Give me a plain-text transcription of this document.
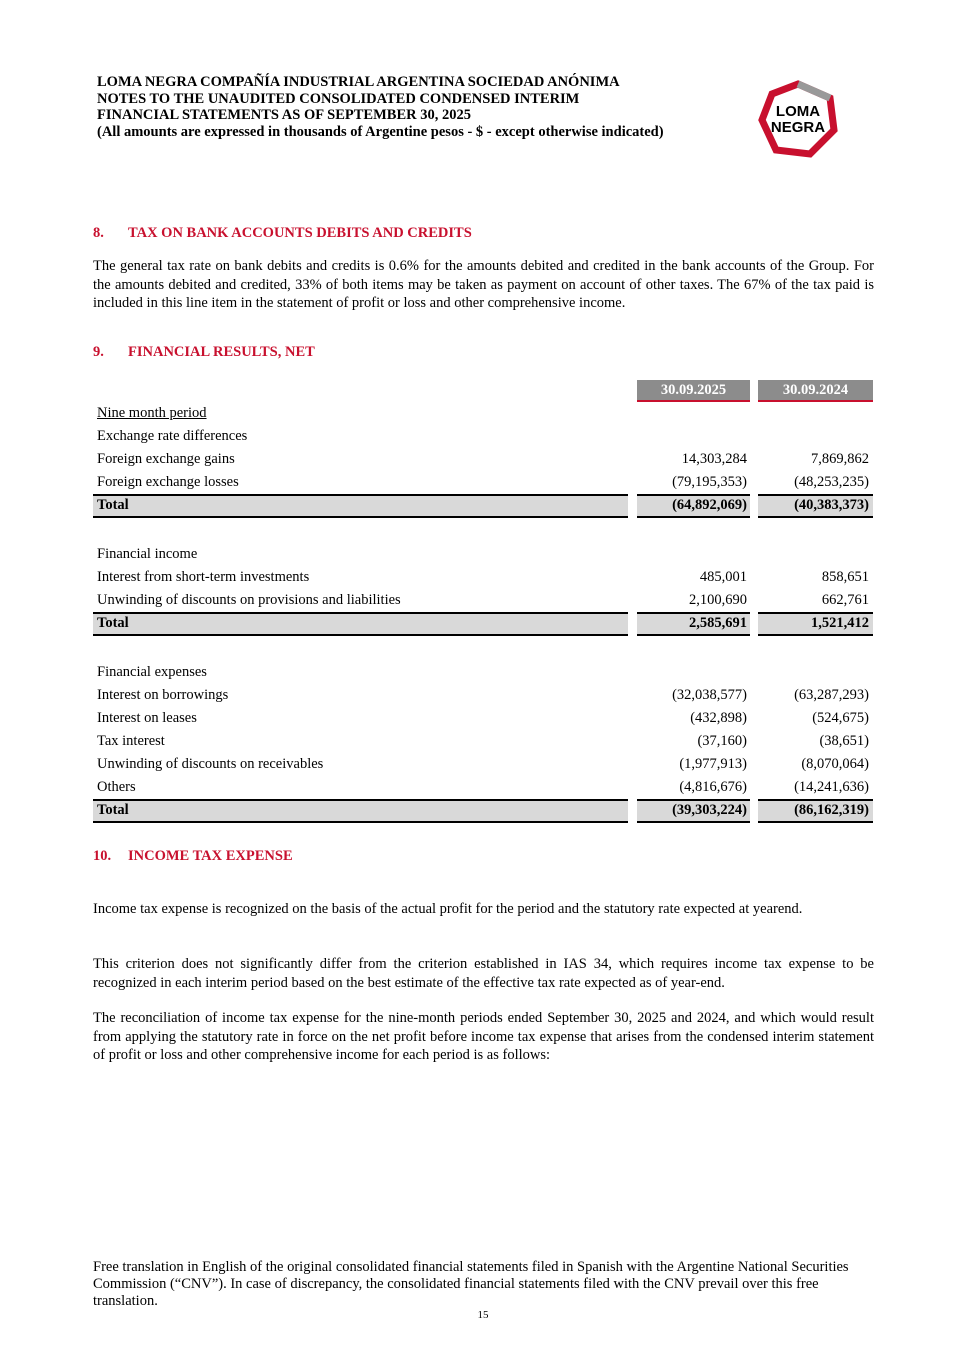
LOMA NEGRA COMPAÑÍA INDUSTRIAL ARGENTINA SOCIEDAD ANÓNIMA
NOTES TO THE UNAUDITED CONSOLIDATED CONDENSED INTERIM
FINANCIAL STATEMENTS AS OF SEPTEMBER 30, 2025
(All amounts are expressed in thousands of Argentine pesos - $ - except otherwise indicated)
LOMA
NEGRA
8. TAX ON BANK ACCOUNTS DEBITS AND CREDITS
The general tax rate on bank debits and credits is 0.6% for the amounts debited and credited in the bank accounts of the Group. For the amounts debited and credited, 33% of both items may be taken as payment on account of other taxes. The 67% of the tax paid is included in this line item in the statement of profit or loss and other comprehensive income.
9. FINANCIAL RESULTS, NET
30.09.2025	30.09.2024
Nine month period
Exchange rate differences
Foreign exchange gains	14,303,284	7,869,862
Foreign exchange losses	(79,195,353)	(48,253,235)
Total	(64,892,069)	(40,383,373)
Financial income
Interest from short-term investments	485,001	858,651
Unwinding of discounts on provisions and liabilities	2,100,690	662,761
Total	2,585,691	1,521,412
Financial expenses
Interest on borrowings	(32,038,577)	(63,287,293)
Interest on leases	(432,898)	(524,675)
Tax interest	(37,160)	(38,651)
Unwinding of discounts on receivables	(1,977,913)	(8,070,064)
Others	(4,816,676)	(14,241,636)
Total	(39,303,224)	(86,162,319)
10. INCOME TAX EXPENSE
Income tax expense is recognized on the basis of the actual profit for the period and the statutory rate expected at yearend.
This criterion does not significantly differ from the criterion established in IAS 34, which requires income tax expense to be recognized in each interim period based on the best estimate of the effective tax rate expected as of year-end.
The reconciliation of income tax expense for the nine-month periods ended September 30, 2025 and 2024, and which would result from applying the statutory rate in force on the net profit before income tax expense that arises from the condensed interim statement of profit or loss and other comprehensive income for each period is as follows:
Free translation in English of the original consolidated financial statements filed in Spanish with the Argentine National Securities Commission (“CNV”). In case of discrepancy, the consolidated financial statements filed with the CNV prevail over this free translation.
15
